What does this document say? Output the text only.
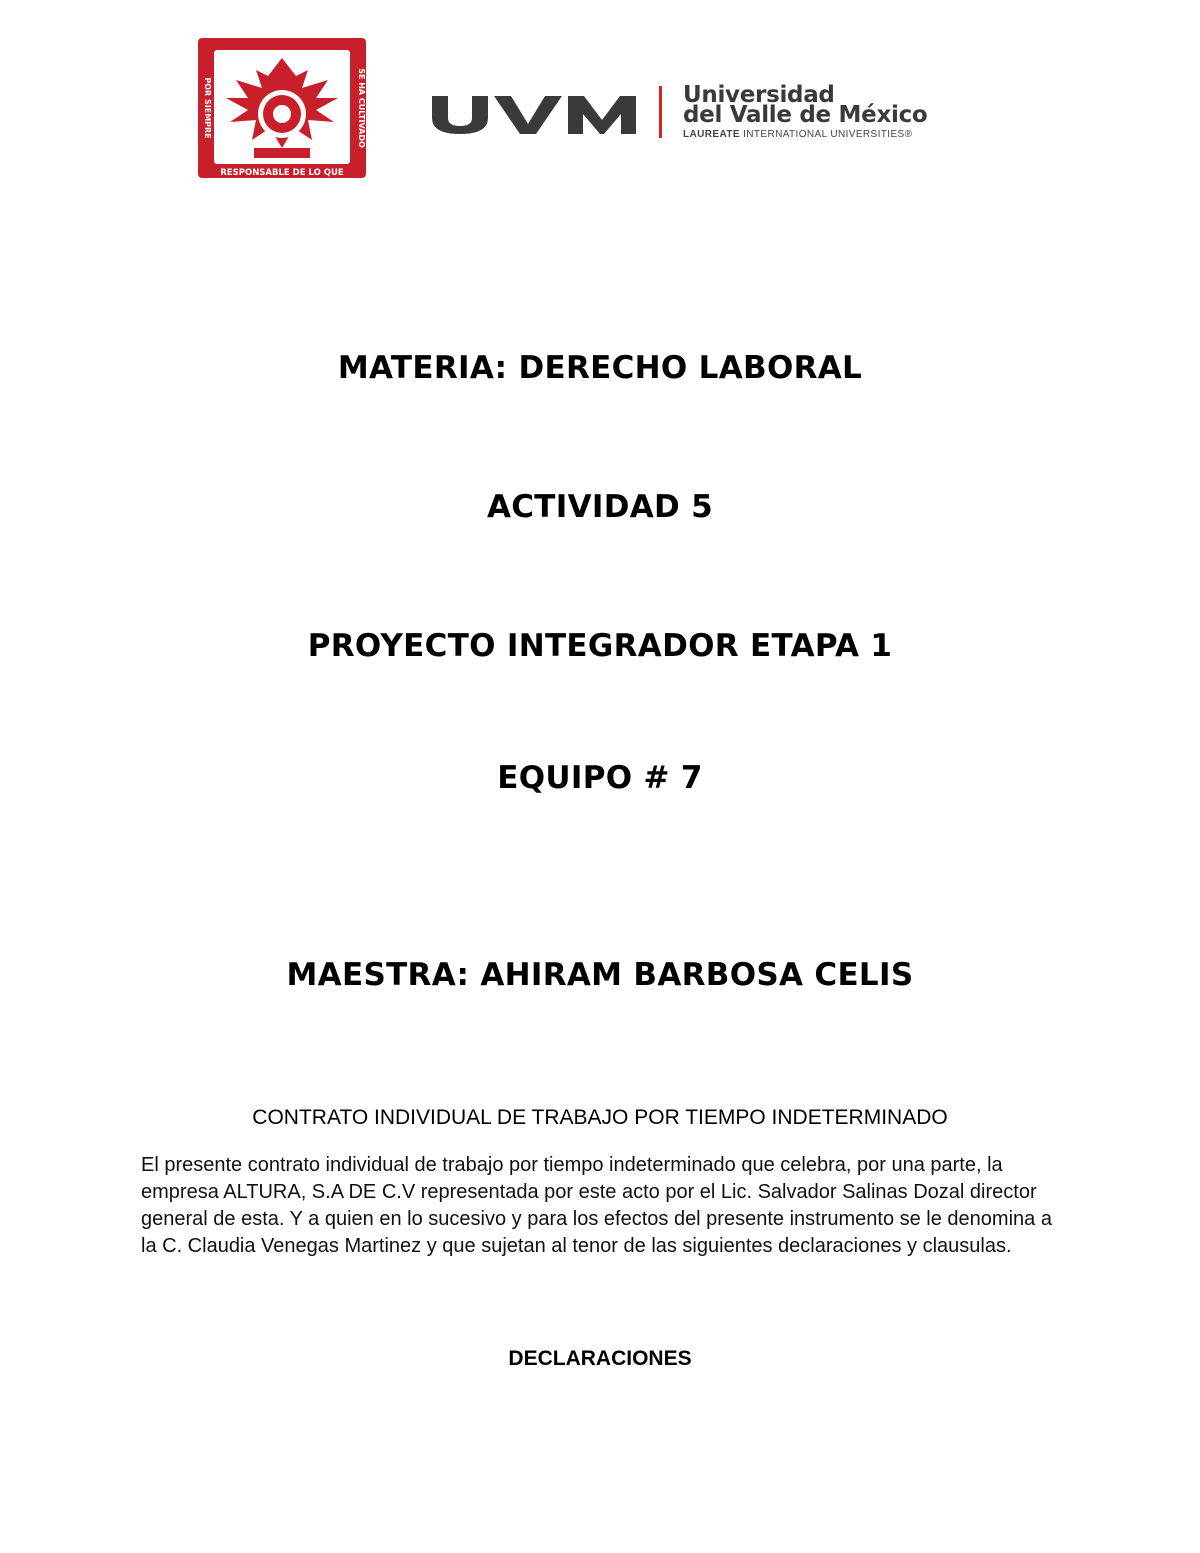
POR SIEMPRE	SE HA CULTIVADO
RESPONSABLE DE LO QUE
Universidad
del Valle de México
LAUREATE INTERNATIONAL UNIVERSITIES®
MATERIA: DERECHO LABORAL
ACTIVIDAD 5
PROYECTO INTEGRADOR ETAPA 1
EQUIPO # 7
MAESTRA: AHIRAM BARBOSA CELIS
CONTRATO INDIVIDUAL DE TRABAJO POR TIEMPO INDETERMINADO

El presente contrato individual de trabajo por tiempo indeterminado que celebra, por una parte, la empresa ALTURA, S.A DE C.V representada por este acto por el Lic. Salvador Salinas Dozal director general de esta. Y a quien en lo sucesivo y para los efectos del presente instrumento se le denomina a la C. Claudia Venegas Martinez y que sujetan al tenor de las siguientes declaraciones y clausulas.

DECLARACIONES
